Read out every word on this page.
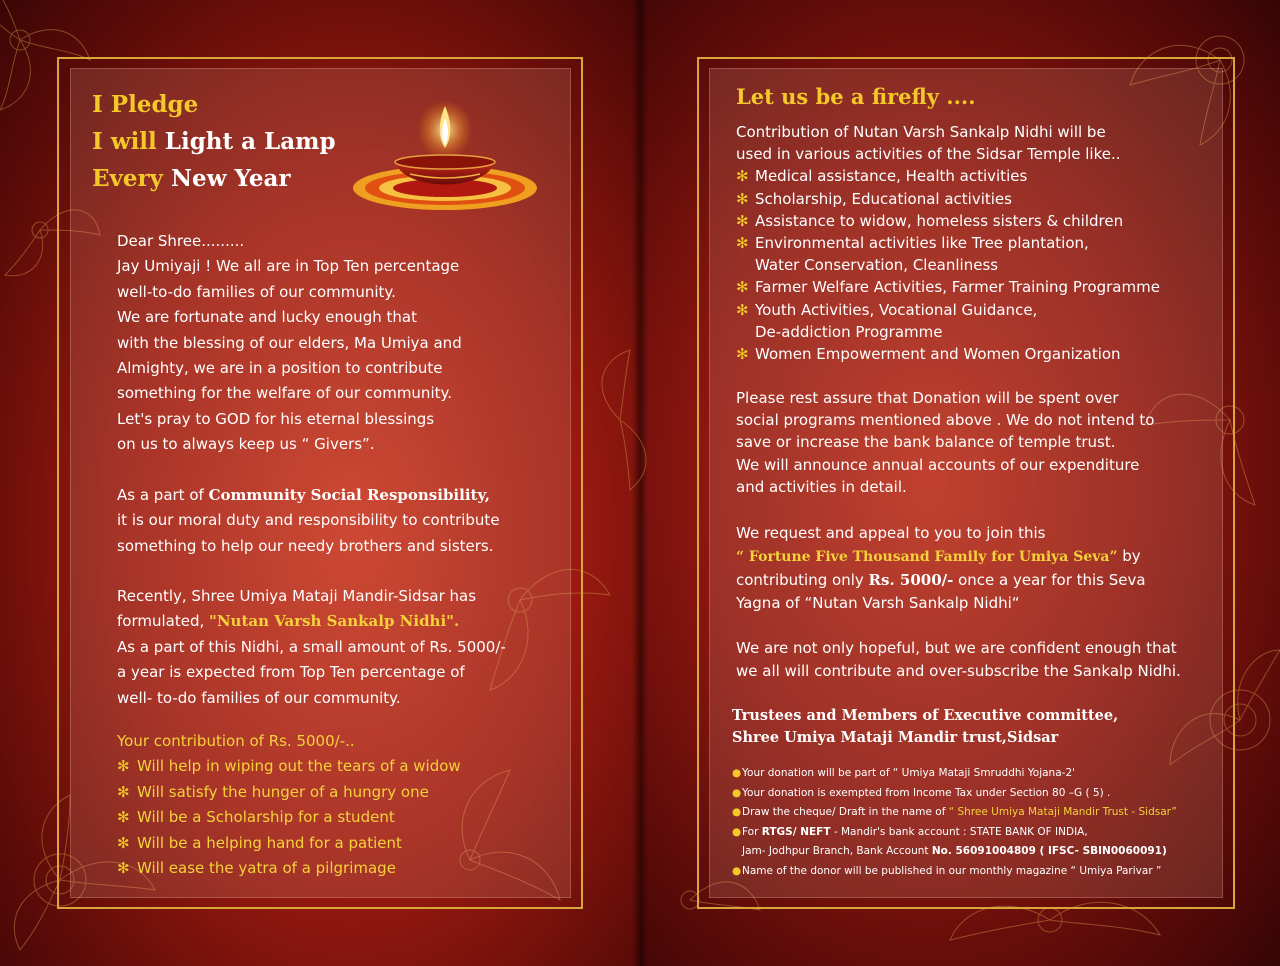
I Pledge
I will Light a Lamp
Every New Year
Dear Shree.........
Jay Umiyaji ! We all are in Top Ten percentage
well-to-do families of our community.
We are fortunate and lucky enough that
with the blessing of our elders, Ma Umiya and
Almighty, we are in a position to contribute
something for the welfare of our community.
Let's pray to GOD for his eternal blessings
on us to always keep us “ Givers”.
As a part of Community Social Responsibility,
it is our moral duty and responsibility to contribute
something to help our needy brothers and sisters.
Recently, Shree Umiya Mataji Mandir-Sidsar has
formulated, "Nutan Varsh Sankalp Nidhi".
As a part of this Nidhi, a small amount of Rs. 5000/-
a year is expected from Top Ten percentage of
well- to-do families of our community.
Your contribution of Rs. 5000/-..
✻ Will help in wiping out the tears of a widow
✻ Will satisfy the hunger of a hungry one
✻ Will be a Scholarship for a student
✻ Will be a helping hand for a patient
✻ Will ease the yatra of a pilgrimage
Let us be a firefly ....
Contribution of Nutan Varsh Sankalp Nidhi will be
used in various activities of the Sidsar Temple like..
✻ Medical assistance, Health activities
✻ Scholarship, Educational activities
✻ Assistance to widow, homeless sisters & children
✻ Environmental activities like Tree plantation,
Water Conservation, Cleanliness
✻ Farmer Welfare Activities, Farmer Training Programme
✻ Youth Activities, Vocational Guidance,
De-addiction Programme
✻ Women Empowerment and Women Organization
Please rest assure that Donation will be spent over
social programs mentioned above . We do not intend to
save or increase the bank balance of temple trust.
We will announce annual accounts of our expenditure
and activities in detail.
We request and appeal to you to join this
“ Fortune Five Thousand Family for Umiya Seva” by
contributing only Rs. 5000/- once a year for this Seva
Yagna of “Nutan Varsh Sankalp Nidhi“
We are not only hopeful, but we are confident enough that
we all will contribute and over-subscribe the Sankalp Nidhi.
Trustees and Members of Executive committee,
Shree Umiya Mataji Mandir trust,Sidsar
●Your donation will be part of “ Umiya Mataji Smruddhi Yojana-2'
●Your donation is exempted from Income Tax under Section 80 –G ( 5) .
●Draw the cheque/ Draft in the name of “ Shree Umiya Mataji Mandir Trust - Sidsar”
●For RTGS/ NEFT - Mandir's bank account : STATE BANK OF INDIA,
Jam- Jodhpur Branch, Bank Account No. 56091004809 ( IFSC- SBIN0060091)
●Name of the donor will be published in our monthly magazine “ Umiya Parivar ”
